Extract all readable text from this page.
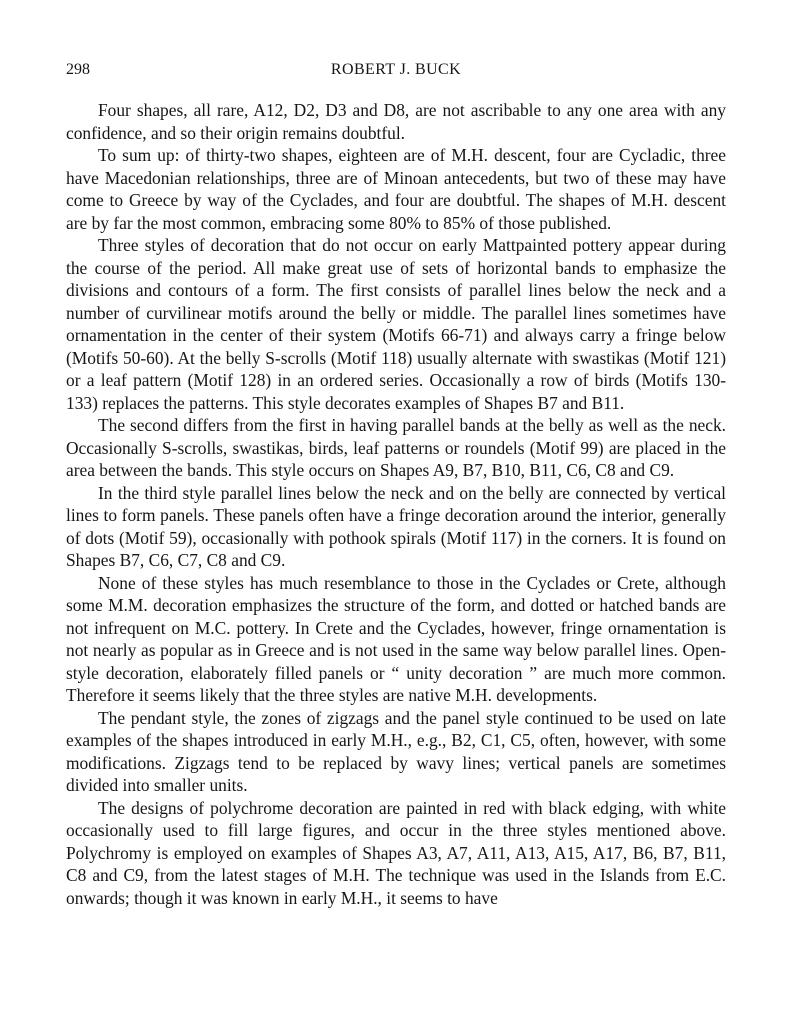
298	ROBERT J. BUCK

Four shapes, all rare, A12, D2, D3 and D8, are not ascribable to any one area with any confidence, and so their origin remains doubtful.

To sum up: of thirty-two shapes, eighteen are of M.H. descent, four are Cycladic, three have Macedonian relationships, three are of Minoan antecedents, but two of these may have come to Greece by way of the Cyclades, and four are doubtful. The shapes of M.H. descent are by far the most common, embracing some 80% to 85% of those published.

Three styles of decoration that do not occur on early Mattpainted pottery appear during the course of the period. All make great use of sets of horizontal bands to emphasize the divisions and contours of a form. The first consists of parallel lines below the neck and a number of curvilinear motifs around the belly or middle. The parallel lines sometimes have ornamentation in the center of their system (Motifs 66-71) and always carry a fringe below (Motifs 50-60). At the belly S-scrolls (Motif 118) usually alternate with swastikas (Motif 121) or a leaf pattern (Motif 128) in an ordered series. Occasionally a row of birds (Motifs 130-133) replaces the patterns. This style decorates examples of Shapes B7 and B11.

The second differs from the first in having parallel bands at the belly as well as the neck. Occasionally S-scrolls, swastikas, birds, leaf patterns or roundels (Motif 99) are placed in the area between the bands. This style occurs on Shapes A9, B7, B10, B11, C6, C8 and C9.

In the third style parallel lines below the neck and on the belly are connected by vertical lines to form panels. These panels often have a fringe decoration around the interior, generally of dots (Motif 59), occasionally with pothook spirals (Motif 117) in the corners. It is found on Shapes B7, C6, C7, C8 and C9.

None of these styles has much resemblance to those in the Cyclades or Crete, although some M.M. decoration emphasizes the structure of the form, and dotted or hatched bands are not infrequent on M.C. pottery. In Crete and the Cyclades, however, fringe ornamentation is not nearly as popular as in Greece and is not used in the same way below parallel lines. Open-style decoration, elaborately filled panels or “ unity decoration ” are much more common. Therefore it seems likely that the three styles are native M.H. developments.

The pendant style, the zones of zigzags and the panel style continued to be used on late examples of the shapes introduced in early M.H., e.g., B2, C1, C5, often, however, with some modifications. Zigzags tend to be replaced by wavy lines; vertical panels are sometimes divided into smaller units.

The designs of polychrome decoration are painted in red with black edging, with white occasionally used to fill large figures, and occur in the three styles mentioned above. Polychromy is employed on examples of Shapes A3, A7, A11, A13, A15, A17, B6, B7, B11, C8 and C9, from the latest stages of M.H. The technique was used in the Islands from E.C. onwards; though it was known in early M.H., it seems to have
